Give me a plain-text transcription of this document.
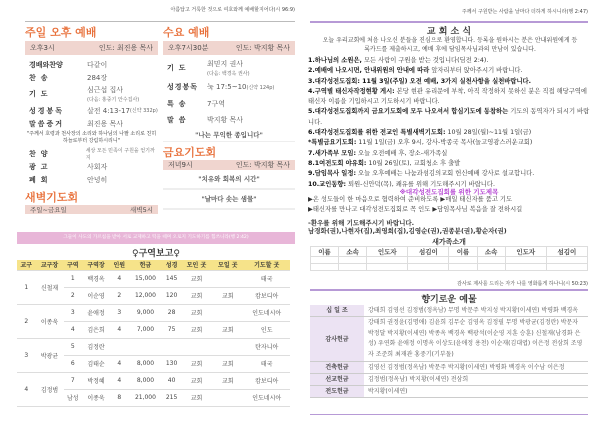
아름답고 거룩한 것으로 여호와께 예배할지어다(시 96:9)
주일 오후 예배
오후3시	인도: 최진용 목사
경배와찬양	다같이
찬송	284장
기도	심근섭 집사
(다음: 홍중기 안수집사)
성경봉독	살전 4:13-17 (신약 332p)
말씀증거	최진용 목사
"주께서 호령과 천사장의 소리와 하나님의 나팔 소리로 친히 하늘로부터 강림하시리니"
찬양	세상 모든 민족이 구원을 얻기까지
광고	사회자
폐회	안녕히
수요 예배
오후7시30분	인도: 박지황 목사
기도	최믿지 권사
(다음: 백경옥 권사)
성경봉독	눅 17:5~10 (신약 124p)
특송	7구역
말씀	박지황 목사
"나는 무익한 종입니다"
금요기도회
저녁9시	인도: 박지황 목사
"치유와 회복의 시간"
새벽기도회
주일~금요일	새벽5시
"날마다 솟는 샘물"
그들이 사도의 가르침을 받아 서로 교제하고 떡을 떼며 오로지 기도하기를 힘쓰니라(행 2:42)
♀구역보고♀
교구	교구장	구역	구역장	인원	헌금	성경	모인 곳	모일 곳	기도할 곳
1	신철재	1	백경옥	4	15,000	145	교회		태국
		2	이순영	2	12,000	120	교회	교회	캄보디아
2	이종욱	3	윤애정	3	9,000	28	교회		인도네시아
		4	김은희	4	7,000	75	교회	교회	인도
3	박광균	5	김정란						탄자니아
		6	김태순	4	8,000	130	교회	교회	태국
4	김정범	7	박정혜	4	8,000	40	교회	교회	캄보디아
		남성	이종욱	8	21,000	215	교회		인도네시아
주께서 구원받는 사람을 날마다 더하게 하시니라(행 2:47)
교 회 소 식
오늘 우리교회에 처음 나오신 분들을 진심으로 환영합니다. 등록을 원하시는 분은 안내위원에게 등록카드를 제출하시고, 예배 후에 담임목사님과의 만남이 있습니다.
1.하나님의 소원은, 모든 사람이 구원을 받는 것입니다(딤전 2:4).
2.예배에 나오시면, 안내위원의 안내에 따라 앞자리부터 앉아주시기 바랍니다.
3.대각성전도집회: 11월 3일(주일) 오전 예배, 3가지 실천사항을 실천바랍니다.
4.구역별 태신자작정현황 게시: 본당 현관 유리문에 부착, 아직 작정하지 못하신 분은 직접 해당구역에 태신자 이름을 기입하시고 기도하시기 바랍니다.
5.대각성전도집회까지 금요기도회에 모두 나오셔서 합심기도에 동참하는 기도의 동역자가 되시기 바랍니다.
6.대각성전도집회를 위한 전교인 특별새벽기도회: 10월 28일(월)~11월 1일(금)
*특별금요기도회: 11월 1일(금) 오후 9시, 강사-박종국 목사(놀고영광스러운교회)
7.새가족부 모임: 오늘 오전예배 후, 장소-새가족실
8.1여전도회 야유회: 10월 26일(토), 교회청소 후 출발
9.담임목사 일정: 오늘 오후예배는 나눔과섬김의교회 헌신예배 강사로 설교합니다.
10.교인동향: 퇴원-신안덕(목), 쾌유를 위해 기도해주시기 바랍니다.
※대각성전도집회를 위한 기도제목
▶온 성도들이 한 마음으로 협력하여 준비하도록 ▶매일 태신자를 품고 기도
▶태신자를 만나고 대각성전도집회로 꼭 인도 ▶담임목사님 복음을 잘 전하시길
-환우를 위해 기도해주시기 바랍니다.
남경화(권),나현자(집),최영희(집),김영순(권),권종분(권),황순자(권)
새가족소개
이름	소속	인도자	섬김이	이름	소속	인도자	섬김이

감사로 제사를 드리는 자가 나를 영화롭게 하나니(시 50:23)
향기로운 예물
십 일 조	강태희 김영선 김정범(정옥남) 무명 박문주 박지성 박지황(이세연) 박평화 백경옥
감사헌금	강태희 권정윤(김명애) 김윤희 김무순 김영옥 김정필 무명 박광균(김정란) 박문자 박정달 박지황(이세연) 박종옥 백경옥 백광석(이순영 지훈 승훈) 신철재(남경화 은성) 우연화 윤애정 이명옥 이상도(윤애정 용천) 이순재(김대엽) 이은정 전삼희 조영자 조준희 최재관 홍중기(기부돌)
건축헌금	김영선 김정범(정옥남) 박문주 박지황(이세연) 박평화 백경옥 이수남 이은정
선교헌금	김정범(정옥남) 박지황(이세연) 전삼희
전도헌금	박지황(이세연)
